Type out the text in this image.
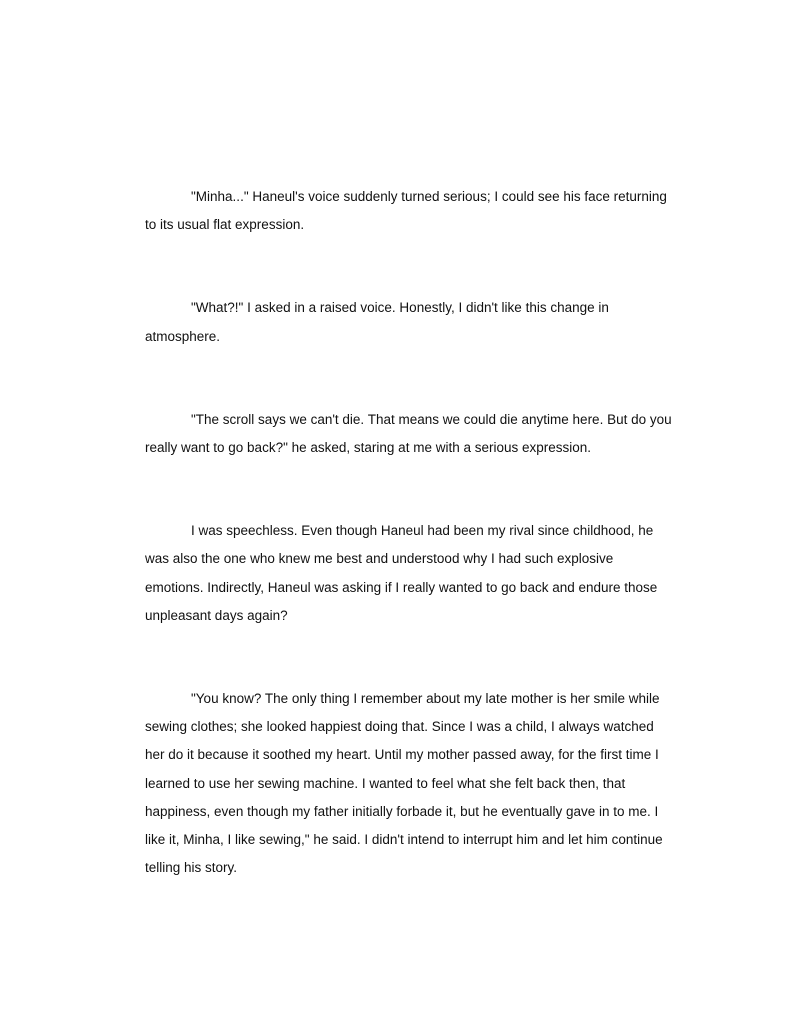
"Minha..." Haneul's voice suddenly turned serious; I could see his face returning to its usual flat expression.

"What?!" I asked in a raised voice. Honestly, I didn't like this change in atmosphere.

"The scroll says we can't die. That means we could die anytime here. But do you really want to go back?" he asked, staring at me with a serious expression.

I was speechless. Even though Haneul had been my rival since childhood, he was also the one who knew me best and understood why I had such explosive emotions. Indirectly, Haneul was asking if I really wanted to go back and endure those unpleasant days again?

"You know? The only thing I remember about my late mother is her smile while sewing clothes; she looked happiest doing that. Since I was a child, I always watched her do it because it soothed my heart. Until my mother passed away, for the first time I learned to use her sewing machine. I wanted to feel what she felt back then, that happiness, even though my father initially forbade it, but he eventually gave in to me. I like it, Minha, I like sewing," he said. I didn't intend to interrupt him and let him continue telling his story.
